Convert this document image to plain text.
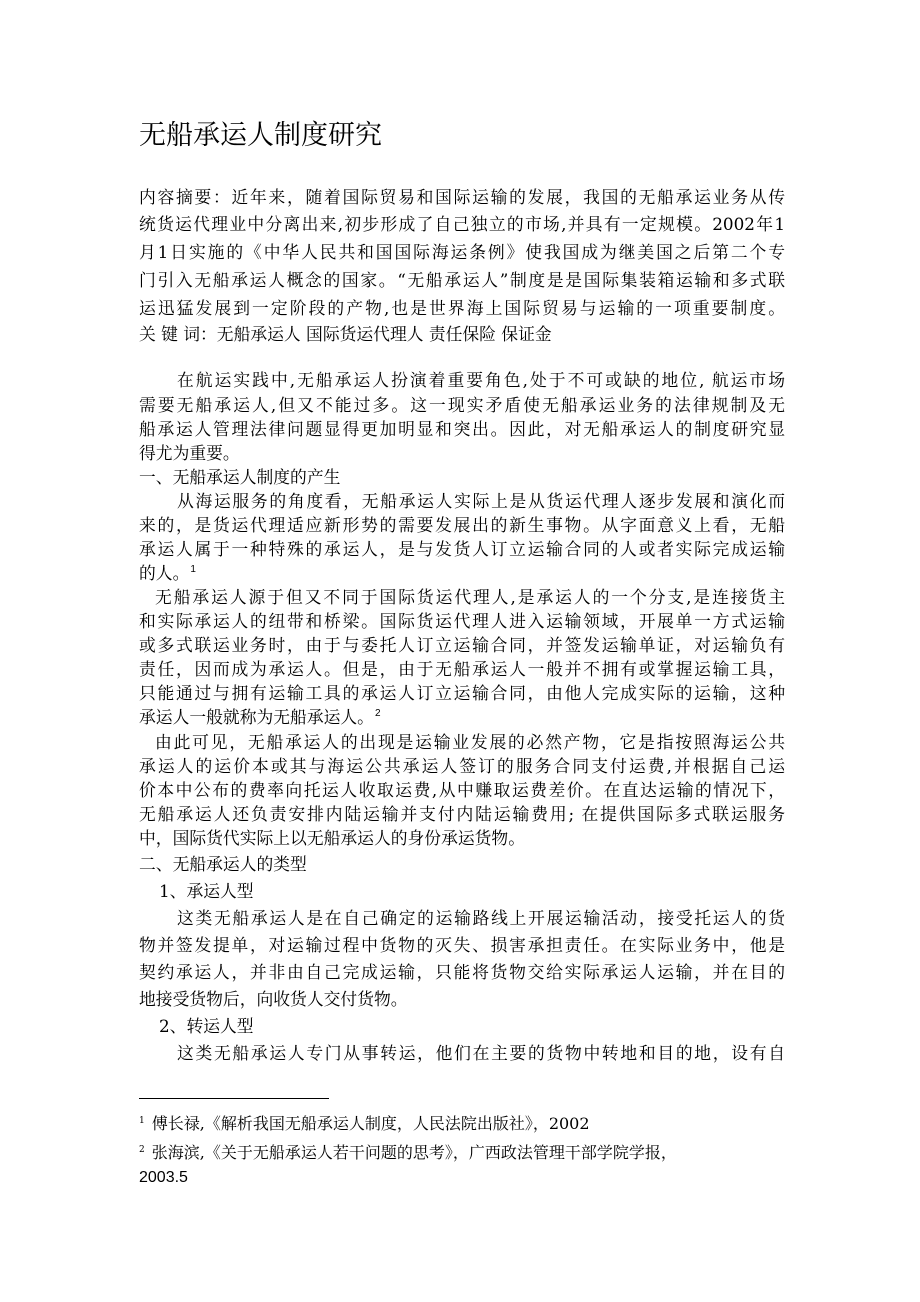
无船承运人制度研究
内容摘要：近年来，随着国际贸易和国际运输的发展，我国的无船承运业务从传
统货运代理业中分离出来,初步形成了自己独立的市场,并具有一定规模。2002年1
月1日实施的《中华人民共和国国际海运条例》使我国成为继美国之后第二个专
门引入无船承运人概念的国家。“无船承运人”制度是是国际集装箱运输和多式联
运迅猛发展到一定阶段的产物,也是世界海上国际贸易与运输的一项重要制度。
关 键 词：无船承运人 国际货运代理人 责任保险 保证金
在航运实践中,无船承运人扮演着重要角色,处于不可或缺的地位, 航运市场
需要无船承运人,但又不能过多。这一现实矛盾使无船承运业务的法律规制及无
船承运人管理法律问题显得更加明显和突出。因此，对无船承运人的制度研究显
得尤为重要。
一、无船承运人制度的产生
从海运服务的角度看，无船承运人实际上是从货运代理人逐步发展和演化而
来的，是货运代理适应新形势的需要发展出的新生事物。从字面意义上看，无船
承运人属于一种特殊的承运人，是与发货人订立运输合同的人或者实际完成运输
的人。$^1$
无船承运人源于但又不同于国际货运代理人,是承运人的一个分支,是连接货主
和实际承运人的纽带和桥梁。国际货运代理人进入运输领域，开展单一方式运输
或多式联运业务时，由于与委托人订立运输合同，并签发运输单证，对运输负有
责任，因而成为承运人。但是，由于无船承运人一般并不拥有或掌握运输工具，
只能通过与拥有运输工具的承运人订立运输合同，由他人完成实际的运输，这种
承运人一般就称为无船承运人。$^2$
由此可见，无船承运人的出现是运输业发展的必然产物，它是指按照海运公共
承运人的运价本或其与海运公共承运人签订的服务合同支付运费,并根据自己运
价本中公布的费率向托运人收取运费,从中赚取运费差价。在直达运输的情况下，
无船承运人还负责安排内陆运输并支付内陆运输费用; 在提供国际多式联运服务
中，国际货代实际上以无船承运人的身份承运货物。
二、无船承运人的类型
1、承运人型
这类无船承运人是在自己确定的运输路线上开展运输活动，接受托运人的货
物并签发提单，对运输过程中货物的灭失、损害承担责任。在实际业务中，他是
契约承运人，并非由自己完成运输，只能将货物交给实际承运人运输，并在目的
地接受货物后，向收货人交付货物。
2、转运人型
这类无船承运人专门从事转运，他们在主要的货物中转地和目的地，设有自
$^1$ 傅长禄,《解析我国无船承运人制度，人民法院出版社》，2002
$^2$ 张海滨,《关于无船承运人若干问题的思考》，广西政法管理干部学院学报，
2003.5
